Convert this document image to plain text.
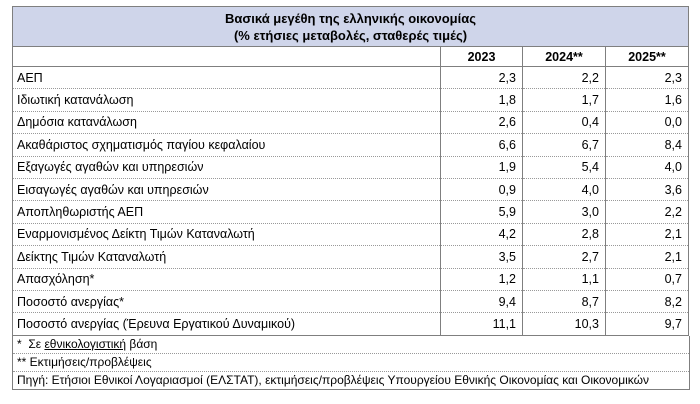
Βασικά μεγέθη της ελληνικής οικονομίας
(% ετήσιες μεταβολές, σταθερές τιμές)			

	2023	2024**	2025**
ΑΕΠ	2,3	2,2	2,3
Ιδιωτική κατανάλωση	1,8	1,7	1,6
Δημόσια κατανάλωση	2,6	0,4	0,0
Ακαθάριστος σχηματισμός παγίου κεφαλαίου	6,6	6,7	8,4
Εξαγωγές αγαθών και υπηρεσιών	1,9	5,4	4,0
Εισαγωγές αγαθών και υπηρεσιών	0,9	4,0	3,6
Αποπληθωριστής ΑΕΠ	5,9	3,0	2,2
Εναρμονισμένος Δείκτη Τιμών Καταναλωτή	4,2	2,8	2,1
Δείκτης Τιμών Καταναλωτή	3,5	2,7	2,1
Απασχόληση*	1,2	1,1	0,7
Ποσοστό ανεργίας*	9,4	8,7	8,2
Ποσοστό ανεργίας (Έρευνα Εργατικού Δυναμικού)	11,1	10,3	9,7
*  Σε εθνικολογιστική βάση
** Εκτιμήσεις/προβλέψεις
Πηγή: Ετήσιοι Εθνικοί Λογαριασμοί (ΕΛΣΤΑΤ), εκτιμήσεις/προβλέψεις Υπουργείου Εθνικής Οικονομίας και Οικονομικών
